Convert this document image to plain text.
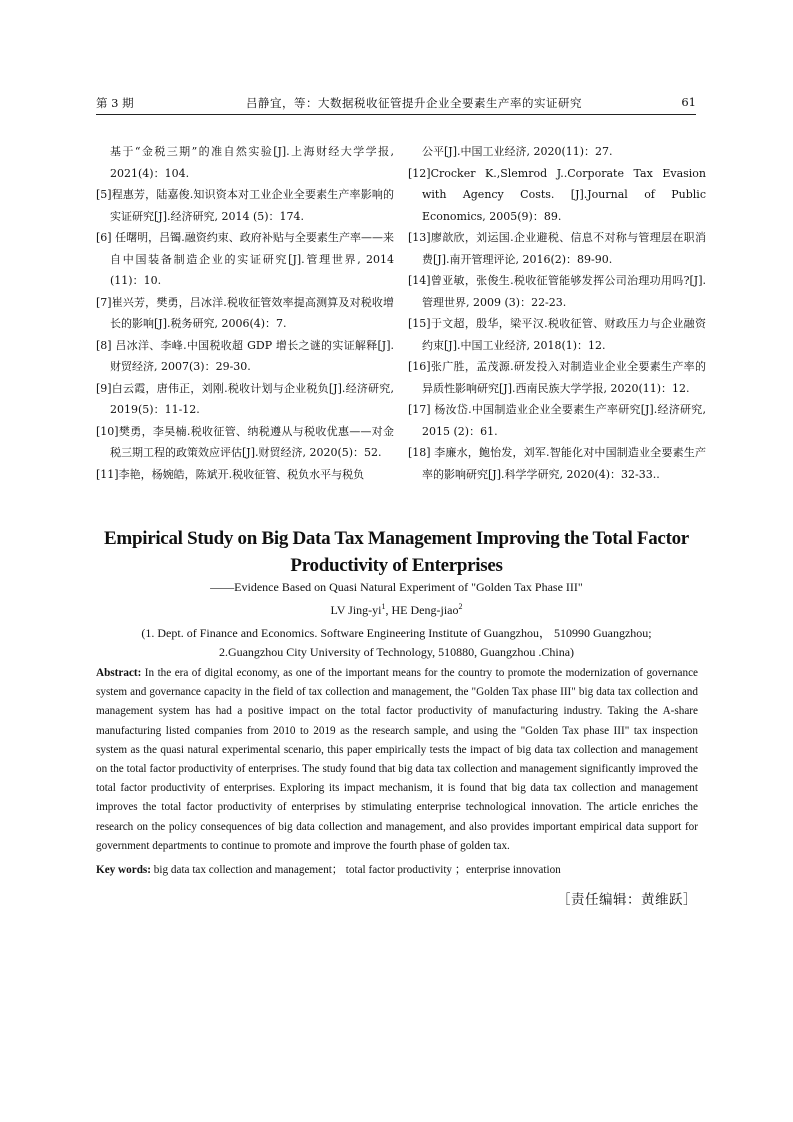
第 3 期	吕静宜，等：大数据税收征管提升企业全要素生产率的实证研究	61
基于“金税三期”的准自然实验[J].上海财经大学学报, 2021(4)：104.
[5]程惠芳，陆嘉俊.知识资本对工业企业全要素生产率影响的实证研究[J].经济研究, 2014 (5)：174.
[6] 任曙明，吕镯.融资约束、政府补贴与全要素生产率——来自中国装备制造企业的实证研究[J].管理世界, 2014 (11)：10.
[7]崔兴芳，樊勇，吕冰洋.税收征管效率提高测算及对税收增长的影响[J].税务研究, 2006(4)：7.
[8] 吕冰洋、李峰.中国税收超 GDP 增长之谜的实证解释[J].财贸经济, 2007(3)：29-30.
[9]白云霞，唐伟正，刘刚.税收计划与企业税负[J].经济研究, 2019(5)：11-12.
[10]樊勇，李昊楠.税收征管、纳税遵从与税收优惠——对金税三期工程的政策效应评估[J].财贸经济, 2020(5)：52.
[11]李艳，杨婉皓，陈斌开.税收征管、税负水平与税负
公平[J].中国工业经济, 2020(11)：27.
[12]Crocker K.,Slemrod J..Corporate Tax Evasion with Agency Costs. [J].Journal of Public Economics, 2005(9)：89.
[13]廖歆欣，刘运国.企业避税、信息不对称与管理层在职消费[J].南开管理评论, 2016(2)：89-90.
[14]曾亚敏，张俊生.税收征管能够发挥公司治理功用吗?[J].管理世界, 2009 (3)：22-23.
[15]于文超，殷华，梁平汉.税收征管、财政压力与企业融资约束[J].中国工业经济, 2018(1)：12.
[16]张广胜，孟茂源.研发投入对制造业企业全要素生产率的异质性影响研究[J].西南民族大学学报, 2020(11)：12.
[17] 杨汝岱.中国制造业企业全要素生产率研究[J].经济研究, 2015 (2)：61.
[18] 李廉水，鲍怡发，刘军.智能化对中国制造业全要素生产率的影响研究[J].科学学研究, 2020(4)：32-33..
Empirical Study on Big Data Tax Management Improving the Total Factor
Productivity of Enterprises
——Evidence Based on Quasi Natural Experiment of "Golden Tax Phase III"
LV Jing-$yi^1$, HE Deng-jiao$^2$
(1. Dept. of Finance and Economics. Software Engineering Institute of Guangzhou， 510990 Guangzhou;
2.Guangzhou City University of Technology, 510880, Guangzhou .China)
Abstract: In the era of digital economy, as one of the important means for the country to promote the modernization of governance system and governance capacity in the field of tax collection and management, the "Golden Tax phase III" big data tax collection and management system has had a positive impact on the total factor productivity of manufacturing industry. Taking the A-share manufacturing listed companies from 2010 to 2019 as the research sample, and using the "Golden Tax phase III" tax inspection system as the quasi natural experimental scenario, this paper empirically tests the impact of big data tax collection and management on the total factor productivity of enterprises. The study found that big data tax collection and management significantly improved the total factor productivity of enterprises. Exploring its impact mechanism, it is found that big data tax collection and management improves the total factor productivity of enterprises by stimulating enterprise technological innovation. The article enriches the research on the policy consequences of big data collection and management, and also provides important empirical data support for government departments to continue to promote and improve the fourth phase of golden tax.
Key words: big data tax collection and management； total factor productivity ；enterprise innovation
［责任编辑：黄维跃］
